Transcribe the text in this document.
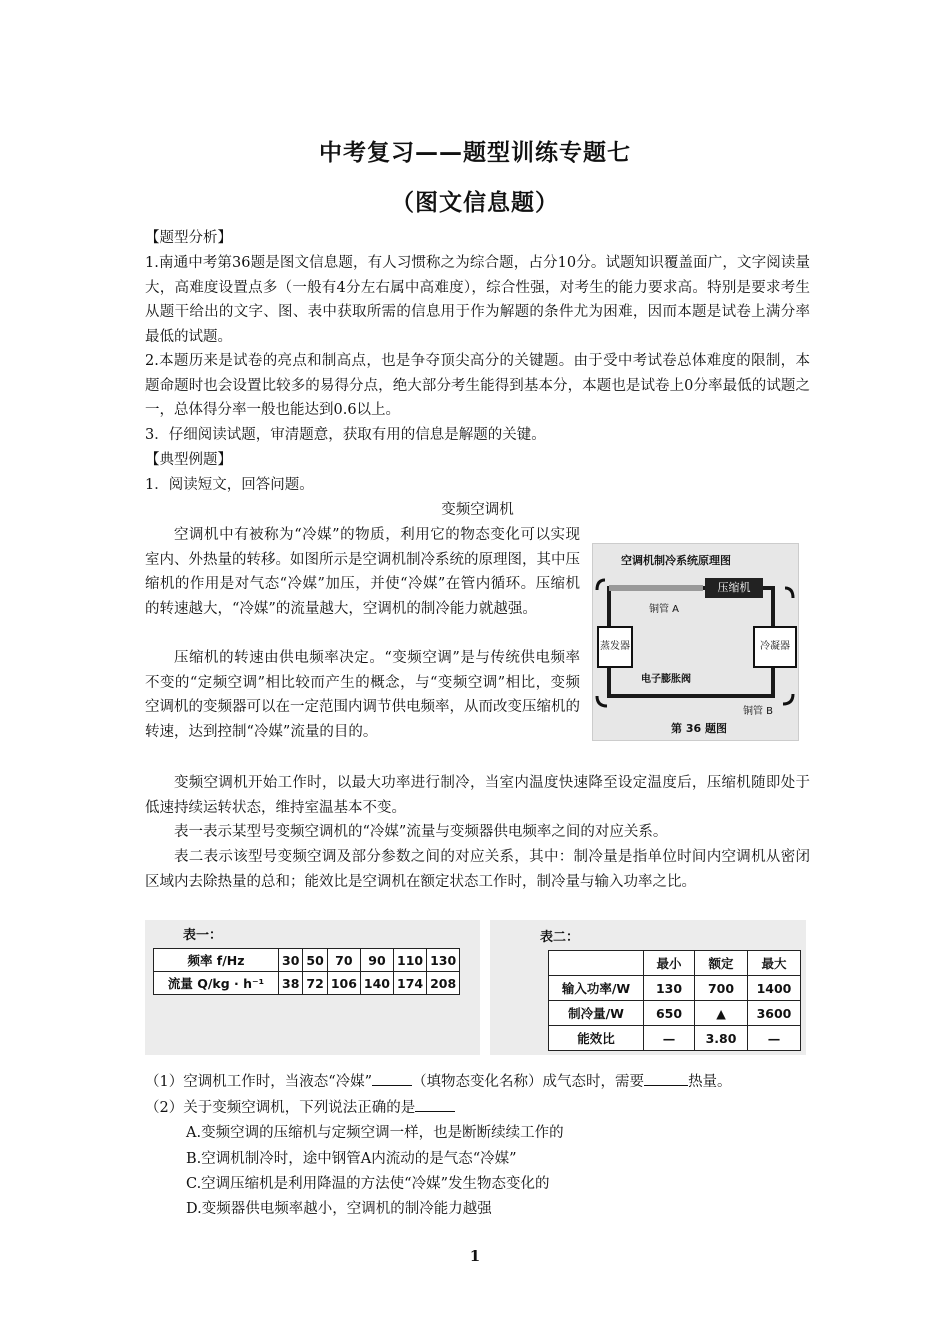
中考复习——题型训练专题七
（图文信息题）
【题型分析】
1.南通中考第36题是图文信息题，有人习惯称之为综合题，占分10分。试题知识覆盖面广，文字阅读量大，高难度设置点多（一般有4分左右属中高难度），综合性强，对考生的能力要求高。特别是要求考生从题干给出的文字、图、表中获取所需的信息用于作为解题的条件尤为困难，因而本题是试卷上满分率最低的试题。
2.本题历来是试卷的亮点和制高点，也是争夺顶尖高分的关键题。由于受中考试卷总体难度的限制，本题命题时也会设置比较多的易得分点，绝大部分考生能得到基本分，本题也是试卷上0分率最低的试题之一，总体得分率一般也能达到0.6以上。
3．仔细阅读试题，审清题意，获取有用的信息是解题的关键。
【典型例题】
1．阅读短文，回答问题。
变频空调机
空调机中有被称为“冷媒”的物质，利用它的物态变化可以实现室内、外热量的转移。如图所示是空调机制冷系统的原理图，其中压缩机的作用是对气态“冷媒”加压，并使“冷媒”在管内循环。压缩机的转速越大，“冷媒”的流量越大，空调机的制冷能力就越强。
压缩机的转速由供电频率决定。“变频空调”是与传统供电频率不变的“定频空调”相比较而产生的概念，与“变频空调”相比，变频空调机的变频器可以在一定范围内调节供电频率，从而改变压缩机的转速，达到控制“冷媒”流量的目的。
变频空调机开始工作时，以最大功率进行制冷，当室内温度快速降至设定温度后，压缩机随即处于低速持续运转状态，维持室温基本不变。
表一表示某型号变频空调机的“冷媒”流量与变频器供电频率之间的对应关系。
表二表示该型号变频空调及部分参数之间的对应关系，其中：制冷量是指单位时间内空调机从密闭区域内去除热量的总和；能效比是空调机在额定状态工作时，制冷量与输入功率之比。
空调机制冷系统原理图
压缩机
铜管 A
蒸发器	冷凝器
电子膨胀阀
铜管 B
第 36 题图
表一：
频率 f/Hz	30	50	70	90	110	130
流量 Q/kg · h⁻¹	38	72	106	140	174	208
表二：
	最小	额定	最大
输入功率/W	130	700	1400
制冷量/W	650	▲	3600
能效比	—	3.80	—
（1）空调机工作时，当液态“冷媒”	（填物态变化名称）成气态时，需要	热量。
（2）关于变频空调机，下列说法正确的是
A.变频空调的压缩机与定频空调一样，也是断断续续工作的
B.空调机制冷时，途中钢管A内流动的是气态“冷媒”
C.空调压缩机是利用降温的方法使“冷媒”发生物态变化的
D.变频器供电频率越小，空调机的制冷能力越强
1
